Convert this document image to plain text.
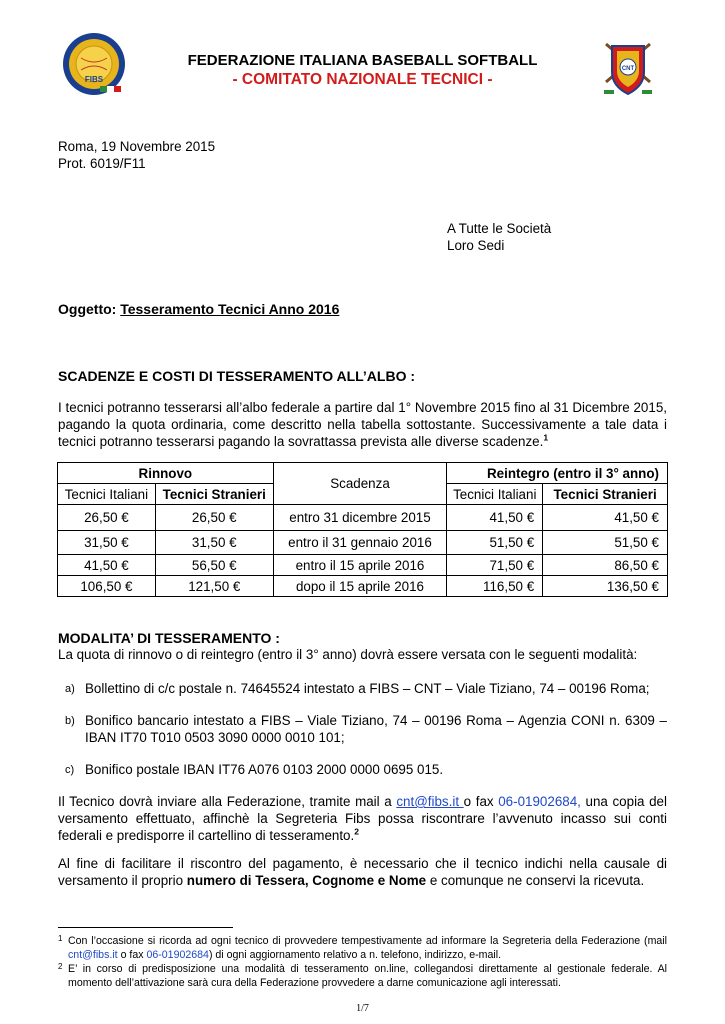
FIBS
FEDERAZIONE ITALIANA BASEBALL SOFTBALL
- COMITATO NAZIONALE TECNICI -
CNT
Roma, 19 Novembre 2015
Prot. 6019/F11
A Tutte le Società
Loro Sedi
Oggetto: Tesseramento Tecnici Anno 2016
SCADENZE E COSTI DI TESSERAMENTO ALL’ALBO :
I tecnici potranno tesserarsi all’albo federale a partire dal 1° Novembre 2015 fino al 31 Dicembre 2015, pagando la quota ordinaria, come descritto nella tabella sottostante. Successivamente a tale data i tecnici potranno tesserarsi pagando la sovrattassa prevista alle diverse scadenze.$^1$
Rinnovo		Scadenza	Reintegro (entro il 3° anno)	
Tecnici Italiani	Tecnici Stranieri		Tecnici Italiani	Tecnici Stranieri
26,50 €	26,50 €	entro 31 dicembre 2015	41,50 €	41,50 €
31,50 €	31,50 €	entro il 31 gennaio 2016	51,50 €	51,50 €
41,50 €	56,50 €	entro il 15 aprile 2016	71,50 €	86,50 €
106,50 €	121,50 €	dopo il 15 aprile 2016	116,50 €	136,50 €
MODALITA’ DI TESSERAMENTO :
La quota di rinnovo o di reintegro (entro il 3° anno) dovrà essere versata con le seguenti modalità:
a) Bollettino di c/c postale n. 74645524 intestato a FIBS – CNT – Viale Tiziano, 74 – 00196 Roma;
b) Bonifico bancario intestato a FIBS – Viale Tiziano, 74 – 00196 Roma – Agenzia CONI n. 6309 – IBAN IT70 T010 0503 3090 0000 0010 101;
c) Bonifico postale IBAN IT76 A076 0103 2000 0000 0695 015.
Il Tecnico dovrà inviare alla Federazione, tramite mail a cnt@fibs.it o fax 06-01902684, una copia del versamento effettuato, affinchè la Segreteria Fibs possa riscontrare l’avvenuto incasso sui conti federali e predisporre il cartellino di tesseramento.$^2$
Al fine di facilitare il riscontro del pagamento, è necessario che il tecnico indichi nella causale di versamento il proprio numero di Tessera, Cognome e Nome e comunque ne conservi la ricevuta.
1 Con l’occasione si ricorda ad ogni tecnico di provvedere tempestivamente ad informare la Segreteria della Federazione (mail cnt@fibs.it o fax 06-01902684) di ogni aggiornamento relativo a n. telefono, indirizzo, e-mail.
2 E’ in corso di predisposizione una modalità di tesseramento on.line, collegandosi direttamente al gestionale federale. Al momento dell’attivazione sarà cura della Federazione provvedere a darne comunicazione agli interessati.
1/7
